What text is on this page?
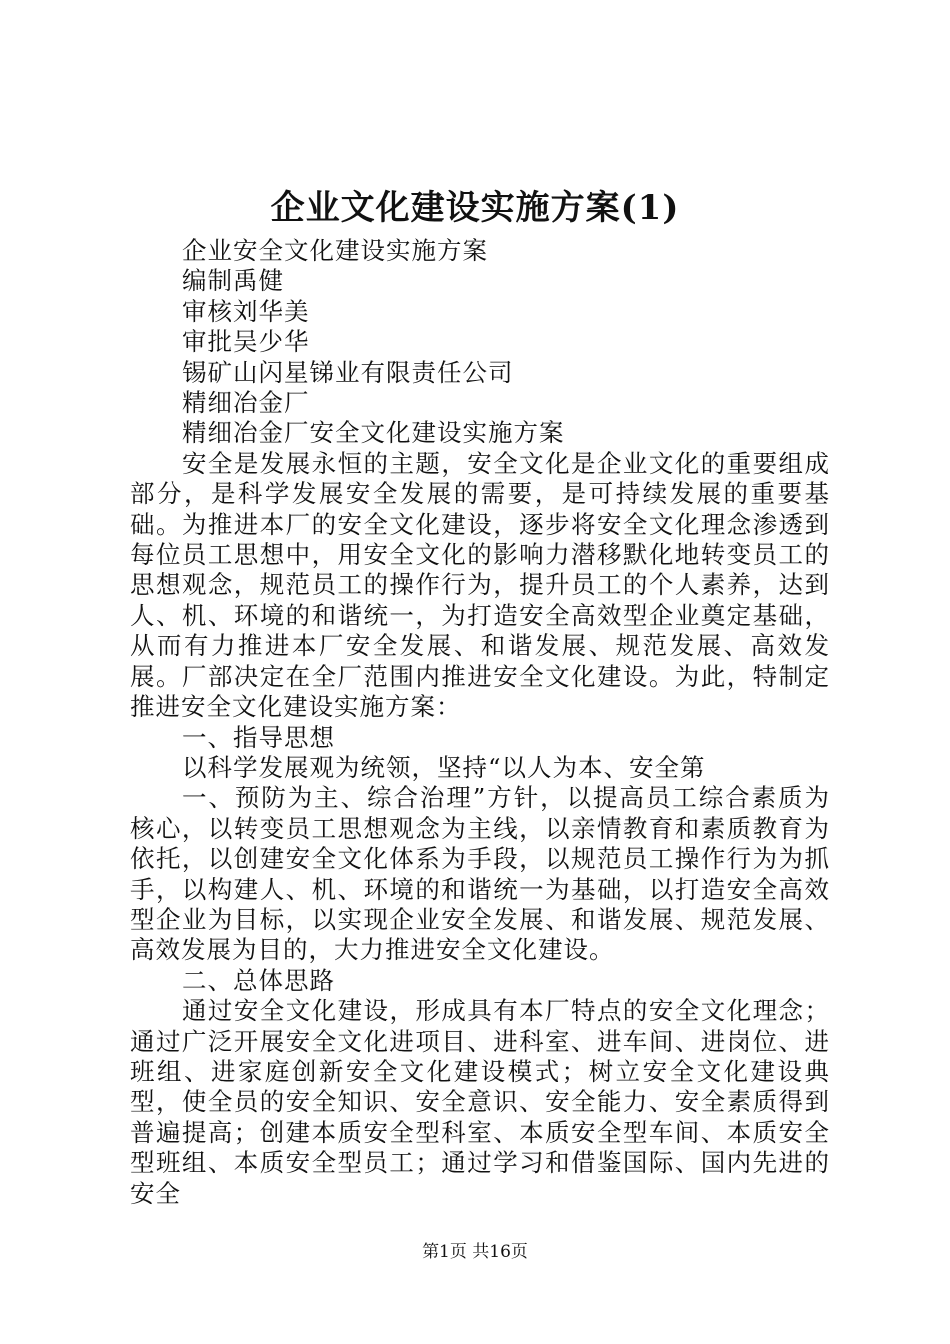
企业文化建设实施方案(1)

企业安全文化建设实施方案

编制禹健

审核刘华美

审批吴少华

锡矿山闪星锑业有限责任公司

精细冶金厂

精细冶金厂安全文化建设实施方案

安全是发展永恒的主题，安全文化是企业文化的重要组成部分，是科学发展安全发展的需要，是可持续发展的重要基础。为推进本厂的安全文化建设，逐步将安全文化理念渗透到每位员工思想中，用安全文化的影响力潜移默化地转变员工的思想观念，规范员工的操作行为，提升员工的个人素养，达到人、机、环境的和谐统一，为打造安全高效型企业奠定基础，从而有力推进本厂安全发展、和谐发展、规范发展、高效发展。厂部决定在全厂范围内推进安全文化建设。为此，特制定推进安全文化建设实施方案：

一、指导思想

以科学发展观为统领，坚持“以人为本、安全第

一、预防为主、综合治理”方针，以提高员工综合素质为核心，以转变员工思想观念为主线，以亲情教育和素质教育为依托，以创建安全文化体系为手段，以规范员工操作行为为抓手，以构建人、机、环境的和谐统一为基础，以打造安全高效型企业为目标，以实现企业安全发展、和谐发展、规范发展、高效发展为目的，大力推进安全文化建设。

二、总体思路

通过安全文化建设，形成具有本厂特点的安全文化理念；通过广泛开展安全文化进项目、进科室、进车间、进岗位、进班组、进家庭创新安全文化建设模式；树立安全文化建设典型，使全员的安全知识、安全意识、安全能力、安全素质得到普遍提高；创建本质安全型科室、本质安全型车间、本质安全型班组、本质安全型员工；通过学习和借鉴国际、国内先进的安全

第1页 共16页
